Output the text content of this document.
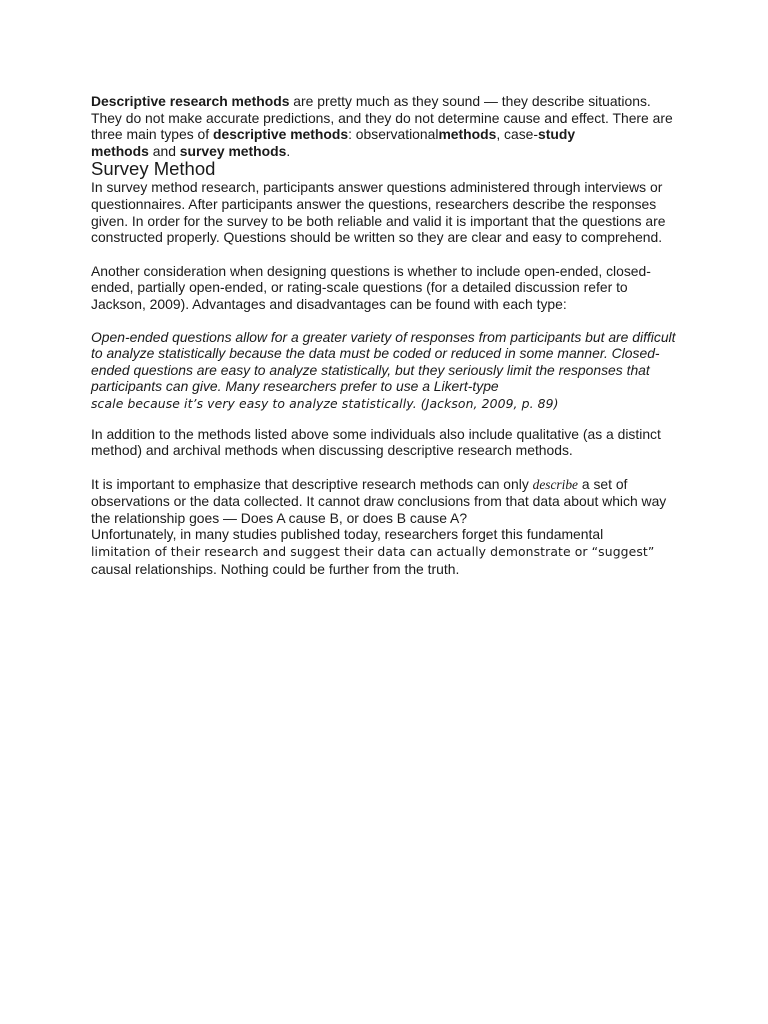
Descriptive research methods are pretty much as they sound — they describe situations. They do not make accurate predictions, and they do not determine cause and effect. There are three main types of descriptive methods: observationalmethods, case-study
methods and survey methods.

Survey Method

In survey method research, participants answer questions administered through interviews or questionnaires. After participants answer the questions, researchers describe the responses given. In order for the survey to be both reliable and valid it is important that the questions are constructed properly. Questions should be written so they are clear and easy to comprehend.

Another consideration when designing questions is whether to include open-ended, closed-ended, partially open-ended, or rating-scale questions (for a detailed discussion refer to Jackson, 2009). Advantages and disadvantages can be found with each type:

Open-ended questions allow for a greater variety of responses from participants but are difficult to analyze statistically because the data must be coded or reduced in some manner. Closed-ended questions are easy to analyze statistically, but they seriously limit the responses that participants can give. Many researchers prefer to use a Likert-type
scale because it’s very easy to analyze statistically. (Jackson, 2009, p. 89)

In addition to the methods listed above some individuals also include qualitative (as a distinct method) and archival methods when discussing descriptive research methods.

It is important to emphasize that descriptive research methods can only describe a set of observations or the data collected. It cannot draw conclusions from that data about which way the relationship goes — Does A cause B, or does B cause A?
Unfortunately, in many studies published today, researchers forget this fundamental
limitation of their research and suggest their data can actually demonstrate or “suggest”
causal relationships. Nothing could be further from the truth.
